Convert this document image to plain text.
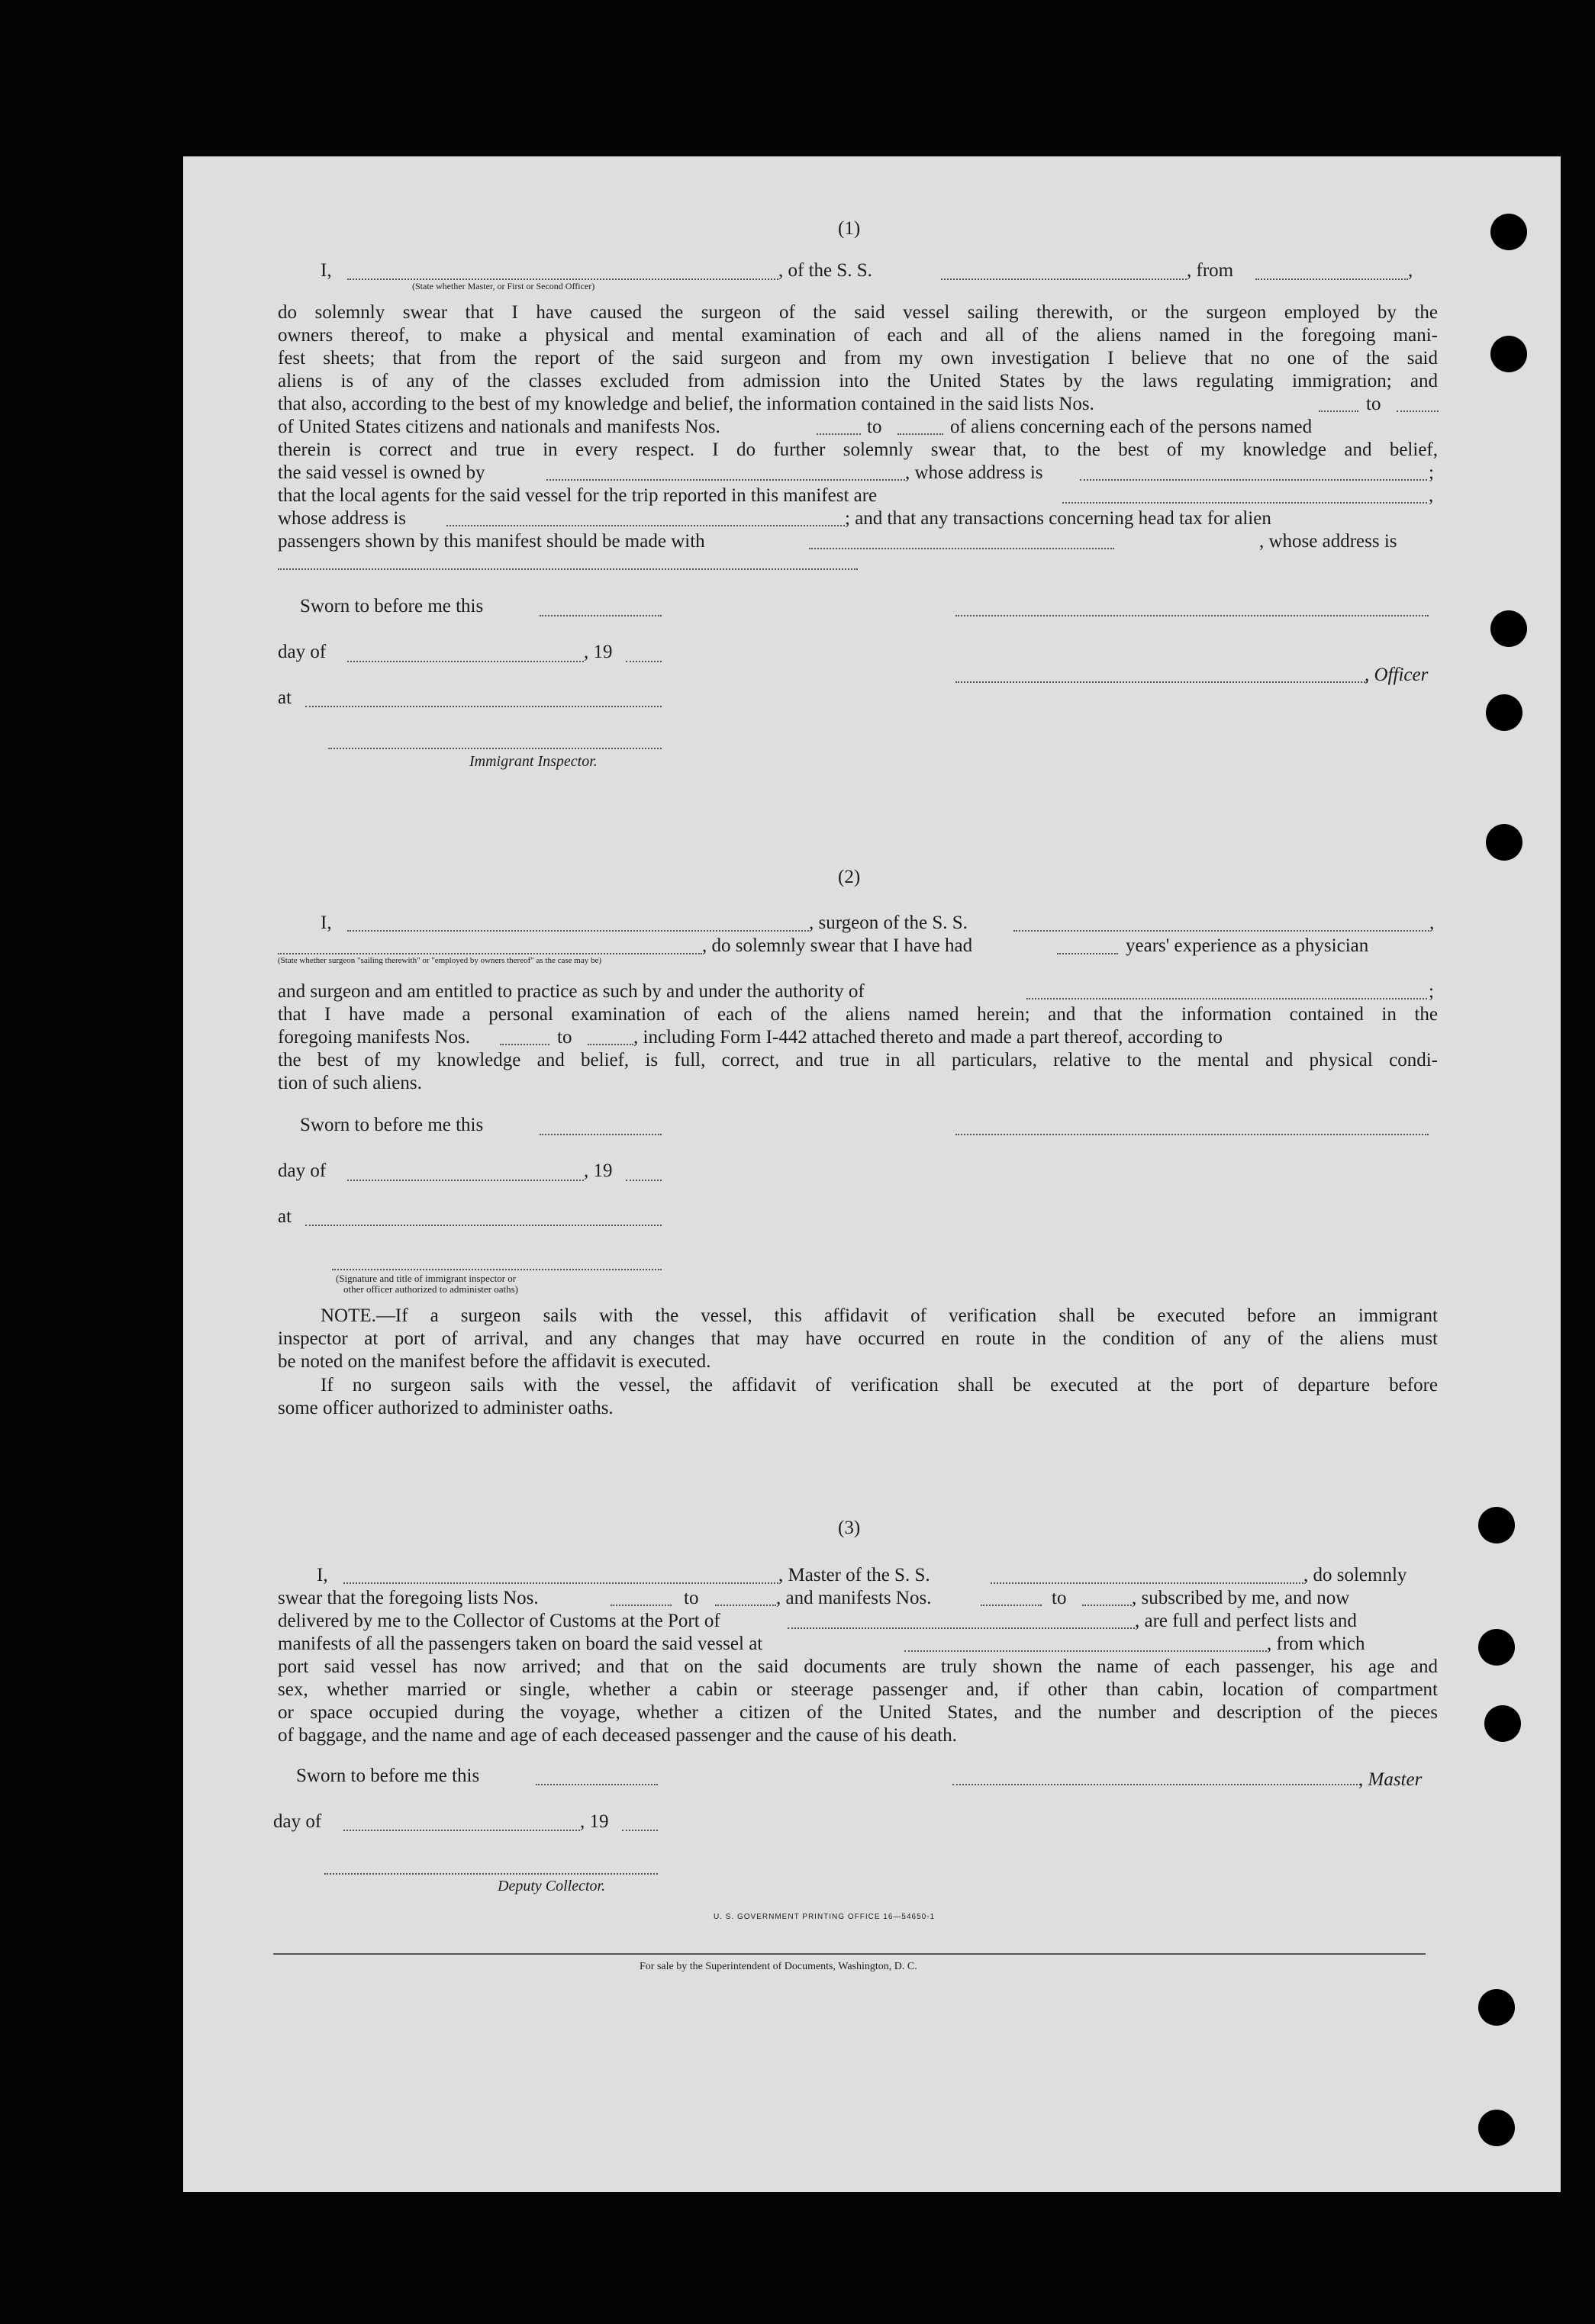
(1)
I,	, of the S. S.	, from	,
(State whether Master, or First or Second Officer)
do solemnly swear that I have caused the surgeon of the said vessel sailing therewith, or the surgeon employed by the
owners thereof, to make a physical and mental examination of each and all of the aliens named in the foregoing mani-
fest sheets; that from the report of the said surgeon and from my own investigation I believe that no one of the said
aliens is of any of the classes excluded from admission into the United States by the laws regulating immigration; and
that also, according to the best of my knowledge and belief, the information contained in the said lists Nos.	to
of United States citizens and nationals and manifests Nos.	to	of aliens concerning each of the persons named
therein is correct and true in every respect. I do further solemnly swear that, to the best of my knowledge and belief,
the said vessel is owned by	, whose address is	;
that the local agents for the said vessel for the trip reported in this manifest are	,
whose address is	; and that any transactions concerning head tax for alien
passengers shown by this manifest should be made with	, whose address is
Sworn to before me this
day of	, 19
, Officer
at
Immigrant Inspector.
(2)
I,	, surgeon of the S. S.	,
, do solemnly swear that I have had	years' experience as a physician
(State whether surgeon "sailing therewith" or "employed by owners thereof" as the case may be)
and surgeon and am entitled to practice as such by and under the authority of	;
that I have made a personal examination of each of the aliens named herein; and that the information contained in the
foregoing manifests Nos.	to	, including Form I-442 attached thereto and made a part thereof, according to
the best of my knowledge and belief, is full, correct, and true in all particulars, relative to the mental and physical condi-
tion of such aliens.
Sworn to before me this
day of	, 19
at
(Signature and title of immigrant inspector or
other officer authorized to administer oaths)
NOTE.—If a surgeon sails with the vessel, this affidavit of verification shall be executed before an immigrant
inspector at port of arrival, and any changes that may have occurred en route in the condition of any of the aliens must
be noted on the manifest before the affidavit is executed.
If no surgeon sails with the vessel, the affidavit of verification shall be executed at the port of departure before
some officer authorized to administer oaths.
(3)
I,	, Master of the S. S.	, do solemnly
swear that the foregoing lists Nos.	to	, and manifests Nos.	to	, subscribed by me, and now
delivered by me to the Collector of Customs at the Port of	, are full and perfect lists and
manifests of all the passengers taken on board the said vessel at	, from which
port said vessel has now arrived; and that on the said documents are truly shown the name of each passenger, his age and
sex, whether married or single, whether a cabin or steerage passenger and, if other than cabin, location of compartment
or space occupied during the voyage, whether a citizen of the United States, and the number and description of the pieces
of baggage, and the name and age of each deceased passenger and the cause of his death.
Sworn to before me this	, Master
day of	, 19
Deputy Collector.
U. S. GOVERNMENT PRINTING OFFICE 16—54650-1
For sale by the Superintendent of Documents, Washington, D. C.
